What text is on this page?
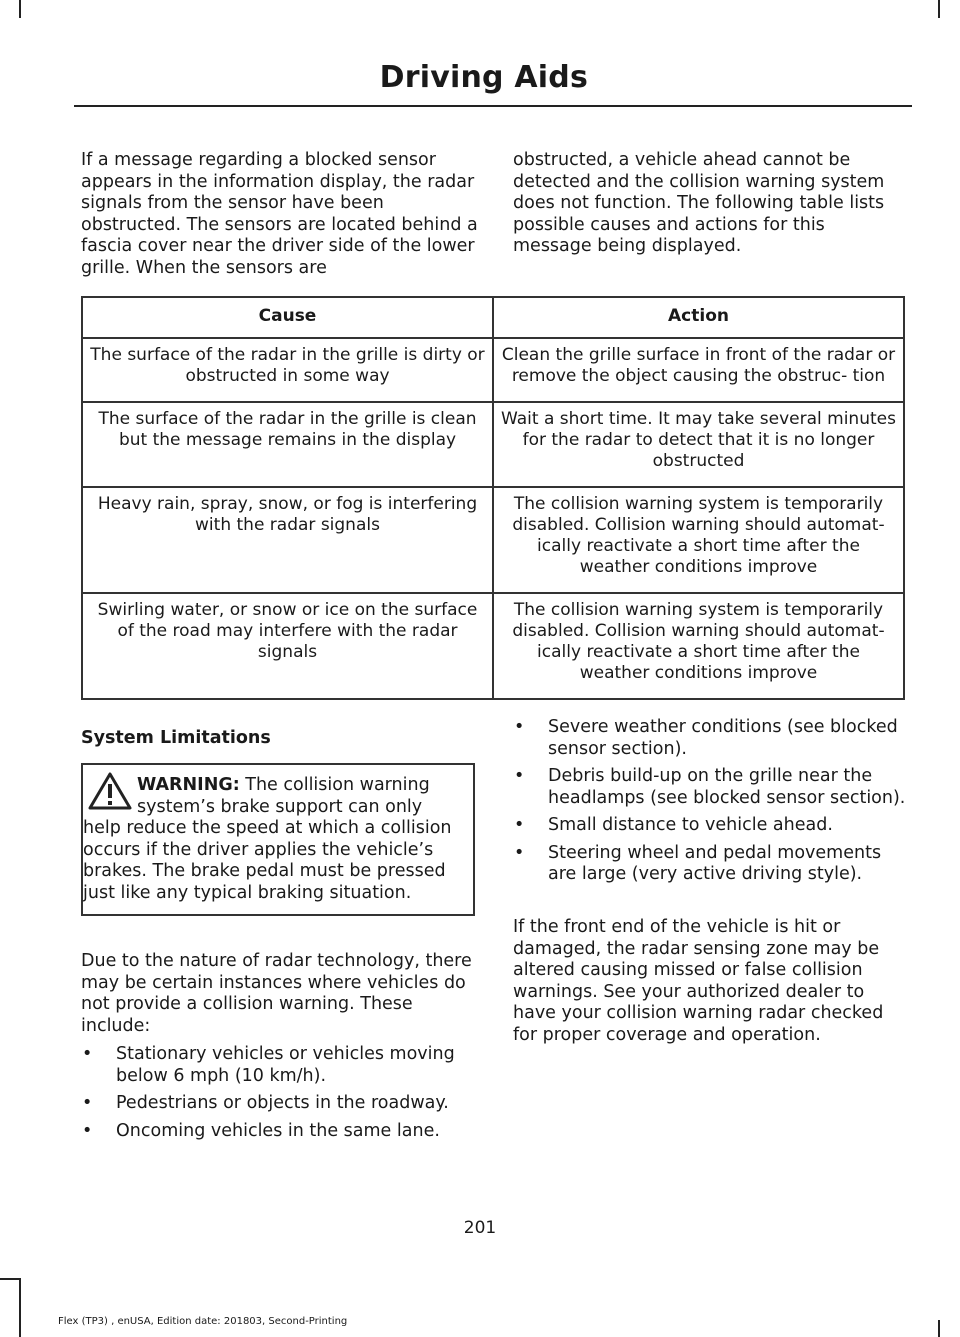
Driving Aids

If a message regarding a blocked sensor appears in the information display, the radar signals from the sensor have been obstructed. The sensors are located behind a fascia cover near the driver side of the lower grille. When the sensors are

obstructed, a vehicle ahead cannot be detected and the collision warning system does not function. The following table lists possible causes and actions for this message being displayed.

Cause	Action
The surface of the radar in the grille is dirty or obstructed in some way	Clean the grille surface in front of the radar or remove the object causing the obstruc- tion
The surface of the radar in the grille is clean but the message remains in the display	Wait a short time. It may take several minutes for the radar to detect that it is no longer obstructed
Heavy rain, spray, snow, or fog is interfering with the radar signals	The collision warning system is temporarily disabled. Collision warning should automat- ically reactivate a short time after the weather conditions improve
Swirling water, or snow or ice on the surface of the road may interfere with the radar signals	The collision warning system is temporarily disabled. Collision warning should automat- ically reactivate a short time after the weather conditions improve
System Limitations
WARNING: The collision warning system’s brake support can only help reduce the speed at which a collision occurs if the driver applies the vehicle’s brakes. The brake pedal must be pressed just like any typical braking situation.

Due to the nature of radar technology, there may be certain instances where vehicles do not provide a collision warning. These include:

• Stationary vehicles or vehicles moving below 6 mph (10 km/h).
• Pedestrians or objects in the roadway.
• Oncoming vehicles in the same lane.
• Severe weather conditions (see blocked sensor section).
• Debris build-up on the grille near the headlamps (see blocked sensor section).
• Small distance to vehicle ahead.
• Steering wheel and pedal movements are large (very active driving style).

If the front end of the vehicle is hit or damaged, the radar sensing zone may be altered causing missed or false collision warnings. See your authorized dealer to have your collision warning radar checked for proper coverage and operation.

201
Flex (TP3) , enUSA, Edition date: 201803, Second-Printing
